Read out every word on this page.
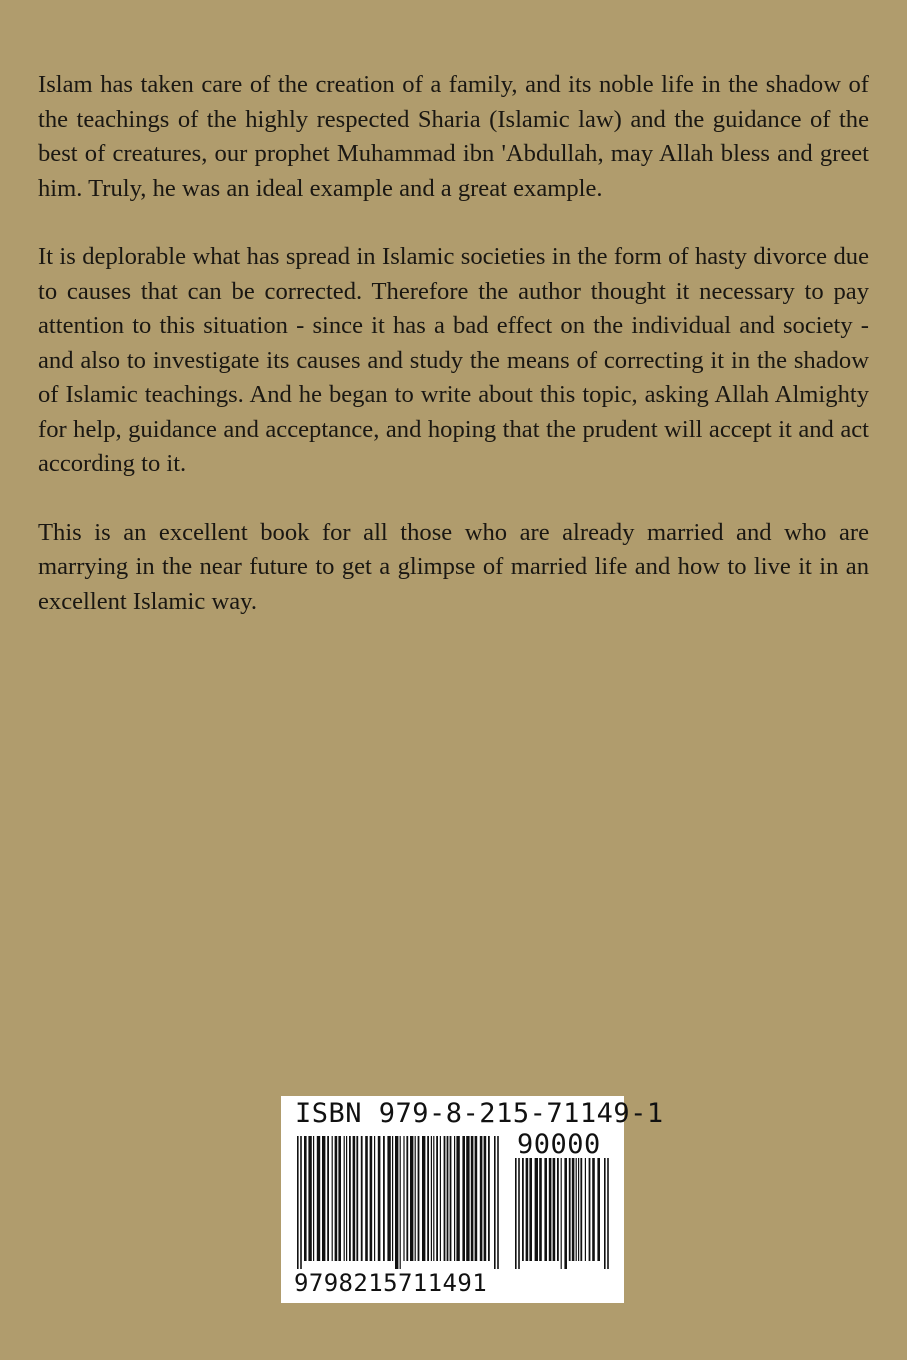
Islam has taken care of the creation of a family, and its noble life in the shadow of the teachings of the highly respected Sharia (Islamic law) and the guidance of the best of creatures, our prophet Muhammad ibn 'Abdullah, may Allah bless and greet him. Truly, he was an ideal example and a great example.

It is deplorable what has spread in Islamic societies in the form of hasty divorce due to causes that can be corrected. Therefore the author thought it necessary to pay attention to this situation - since it has a bad effect on the individual and society - and also to investigate its causes and study the means of correcting it in the shadow of Islamic teachings. And he began to write about this topic, asking Allah Almighty for help, guidance and acceptance, and hoping that the prudent will accept it and act according to it.

This is an excellent book for all those who are already married and who are marrying in the near future to get a glimpse of married life and how to live it in an excellent Islamic way.

ISBN 979-8-215-71149-1
90000
9798215711491
